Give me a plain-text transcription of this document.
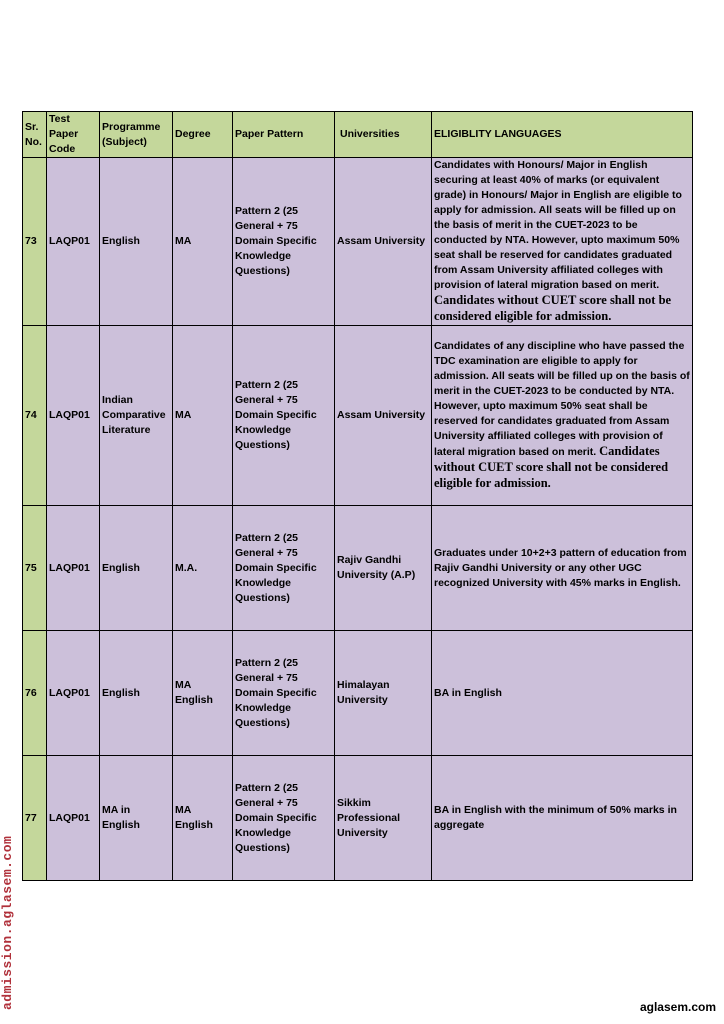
Sr. No.	Test Paper Code	Programme (Subject)	Degree	Paper Pattern	Universities	ELIGIBLITY LANGUAGES
73	LAQP01	English	MA	Pattern 2 (25 General + 75 Domain Specific Knowledge Questions)	Assam University	Candidates with Honours/ Major in English securing at least 40% of marks (or equivalent grade) in Honours/ Major in English are eligible to apply for admission. All seats will be filled up on the basis of merit in the CUET-2023 to be conducted by NTA. However, upto maximum 50% seat shall be reserved for candidates graduated from Assam University affiliated colleges with provision of lateral migration based on merit. Candidates without CUET score shall not be considered eligible for admission.
74	LAQP01	Indian Comparative Literature	MA	Pattern 2 (25 General + 75 Domain Specific Knowledge Questions)	Assam University	Candidates of any discipline who have passed the TDC examination are eligible to apply for admission. All seats will be filled up on the basis of merit in the CUET-2023 to be conducted by NTA. However, upto maximum 50% seat shall be reserved for candidates graduated from Assam University affiliated colleges with provision of lateral migration based on merit. Candidates without CUET score shall not be considered eligible for admission.
75	LAQP01	English	M.A.	Pattern 2 (25 General + 75 Domain Specific Knowledge Questions)	Rajiv Gandhi University (A.P)	Graduates under 10+2+3 pattern of education from Rajiv Gandhi University or any other UGC recognized University with 45% marks in English.
76	LAQP01	English	MA English	Pattern 2 (25 General + 75 Domain Specific Knowledge Questions)	Himalayan University	BA in English
77	LAQP01	MA in English	MA English	Pattern 2 (25 General + 75 Domain Specific Knowledge Questions)	Sikkim Professional University	BA in English with the minimum of 50% marks in aggregate
admission.aglasem.com	aglasem.com
